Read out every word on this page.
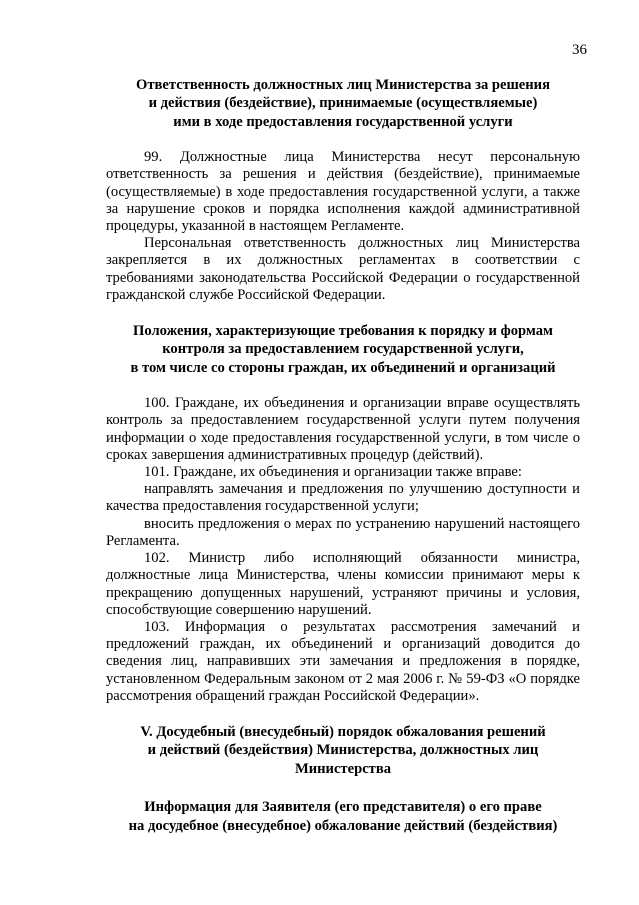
36
Ответственность должностных лиц Министерства за решения
и действия (бездействие), принимаемые (осуществляемые)
ими в ходе предоставления государственной услуги

99. Должностные лица Министерства несут персональную ответственность за решения и действия (бездействие), принимаемые (осуществляемые) в ходе предоставления государственной услуги, а также за нарушение сроков и порядка исполнения каждой административной процедуры, указанной в настоящем Регламенте.

Персональная ответственность должностных лиц Министерства закрепляется в их должностных регламентах в соответствии с требованиями законодательства Российской Федерации о государственной гражданской службе Российской Федерации.

Положения, характеризующие требования к порядку и формам
контроля за предоставлением государственной услуги,
в том числе со стороны граждан, их объединений и организаций

100. Граждане, их объединения и организации вправе осуществлять контроль за предоставлением государственной услуги путем получения информации о ходе предоставления государственной услуги, в том числе о сроках завершения административных процедур (действий).

101. Граждане, их объединения и организации также вправе:

направлять замечания и предложения по улучшению доступности и качества предоставления государственной услуги;

вносить предложения о мерах по устранению нарушений настоящего Регламента.

102. Министр либо исполняющий обязанности министра, должностные лица Министерства, члены комиссии принимают меры к прекращению допущенных нарушений, устраняют причины и условия, способствующие совершению нарушений.

103. Информация о результатах рассмотрения замечаний и предложений граждан, их объединений и организаций доводится до сведения лиц, направивших эти замечания и предложения в порядке, установленном Федеральным законом от 2 мая 2006 г. № 59-ФЗ «О порядке рассмотрения обращений граждан Российской Федерации».

V. Досудебный (внесудебный) порядок обжалования решений
и действий (бездействия) Министерства, должностных лиц
Министерства
Информация для Заявителя (его представителя) о его праве
на досудебное (внесудебное) обжалование действий (бездействия)
